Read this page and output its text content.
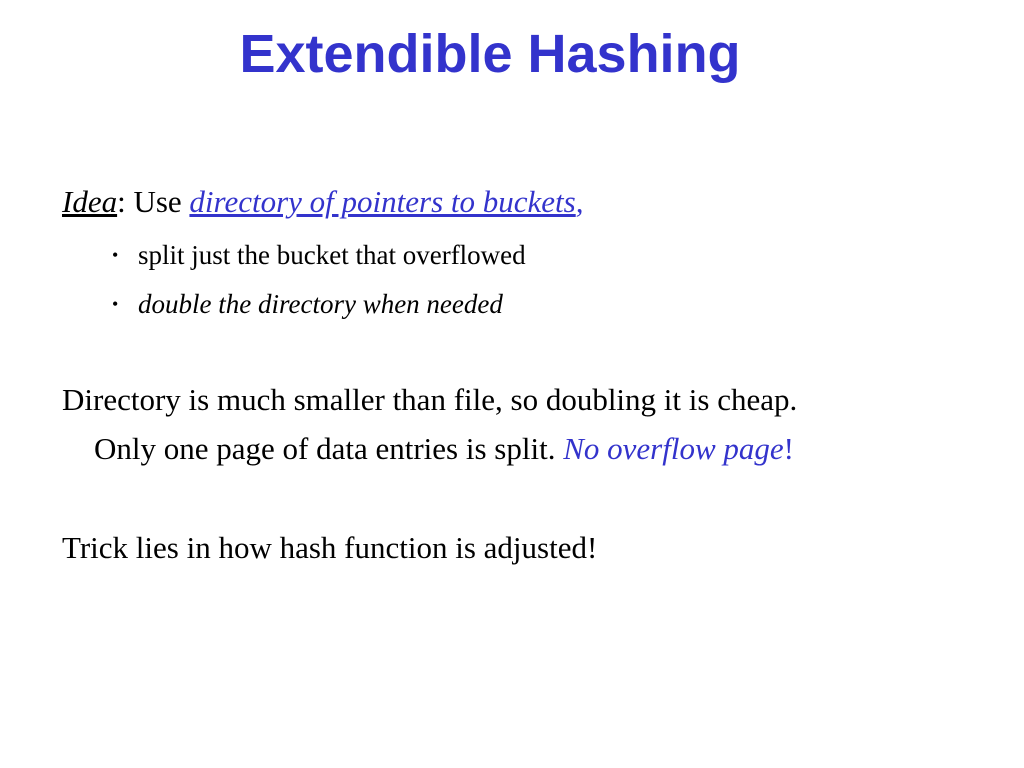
Extendible Hashing
Idea: Use directory of pointers to buckets,
• split just the bucket that overflowed
• double the directory when needed
Directory is much smaller than file, so doubling it is cheap.
Only one page of data entries is split. No overflow page!
Trick lies in how hash function is adjusted!
